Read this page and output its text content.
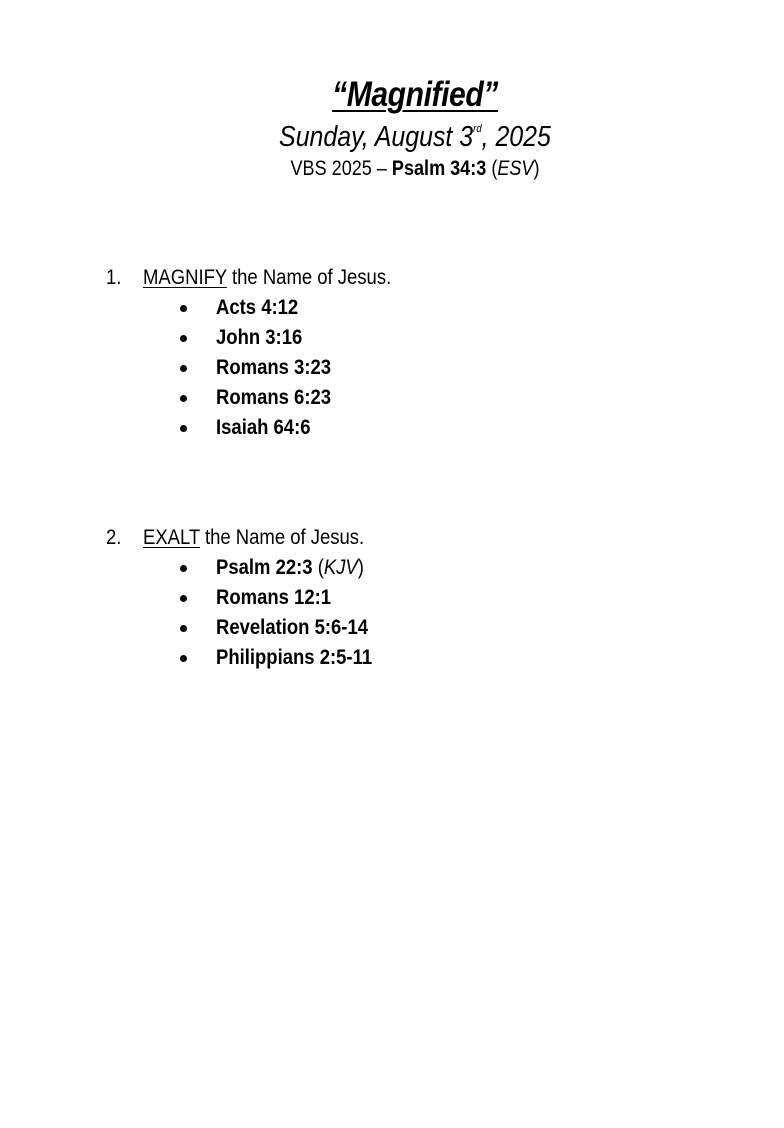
“Magnified”
Sunday, August 3rd, 2025
VBS 2025 – Psalm 34:3 (ESV)
1. MAGNIFY the Name of Jesus.
Acts 4:12
John 3:16
Romans 3:23
Romans 6:23
Isaiah 64:6
2. EXALT the Name of Jesus.
Psalm 22:3 (KJV)
Romans 12:1
Revelation 5:6-14
Philippians 2:5-11
